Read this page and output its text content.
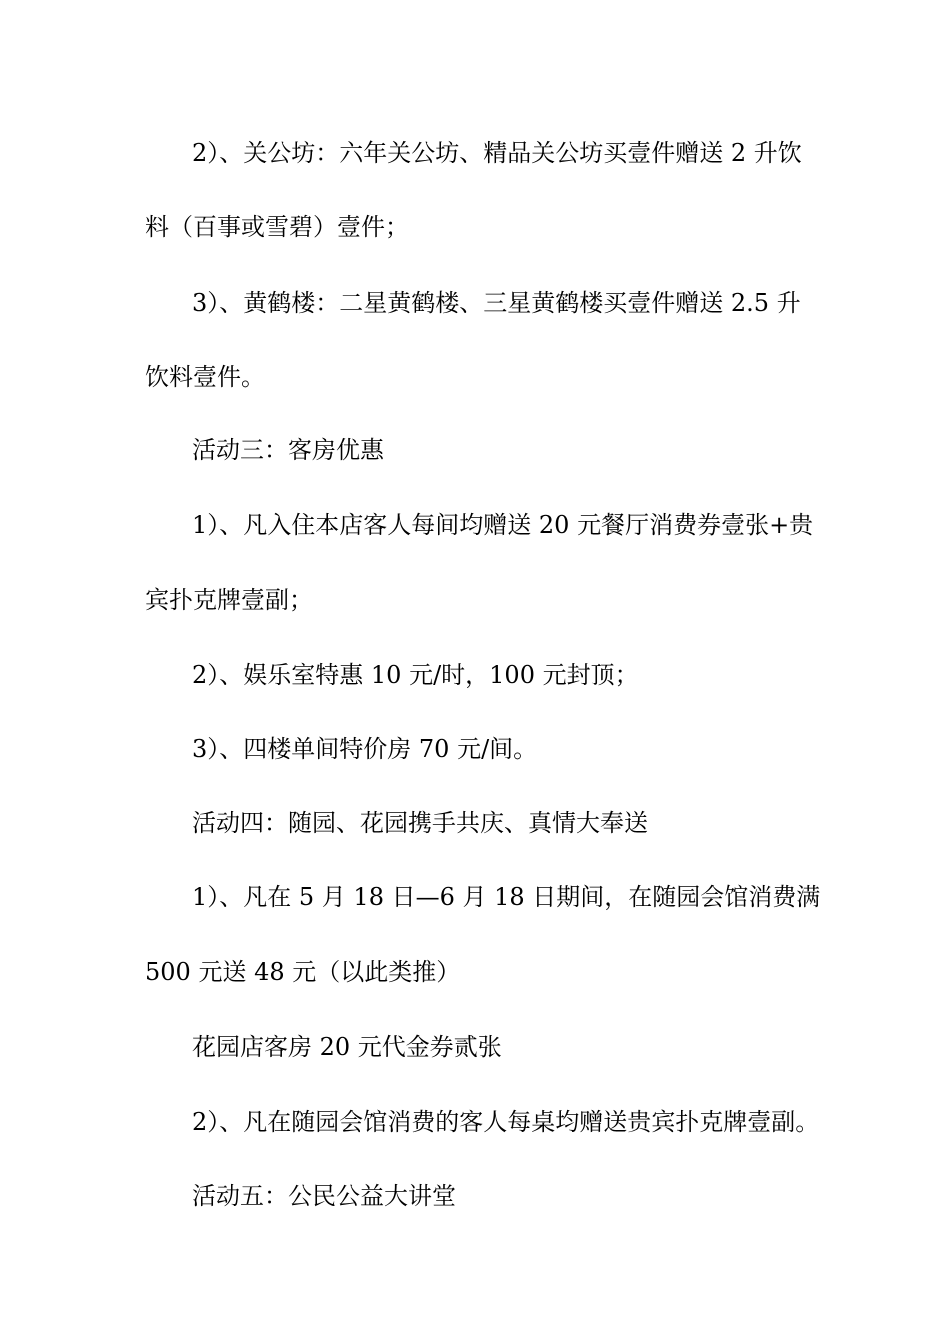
2）、关公坊：六年关公坊、精品关公坊买壹件赠送 2 升饮
料（百事或雪碧）壹件；
3）、黄鹤楼：二星黄鹤楼、三星黄鹤楼买壹件赠送 2.5 升
饮料壹件。
活动三：客房优惠
1）、凡入住本店客人每间均赠送 20 元餐厅消费券壹张+贵
宾扑克牌壹副；
2）、娱乐室特惠 10 元/时，100 元封顶；
3）、四楼单间特价房 70 元/间。
活动四：随园、花园携手共庆、真情大奉送
1）、凡在 5 月 18 日—6 月 18 日期间，在随园会馆消费满
500 元送 48 元（以此类推）
花园店客房 20 元代金券贰张
2）、凡在随园会馆消费的客人每桌均赠送贵宾扑克牌壹副。
活动五：公民公益大讲堂
